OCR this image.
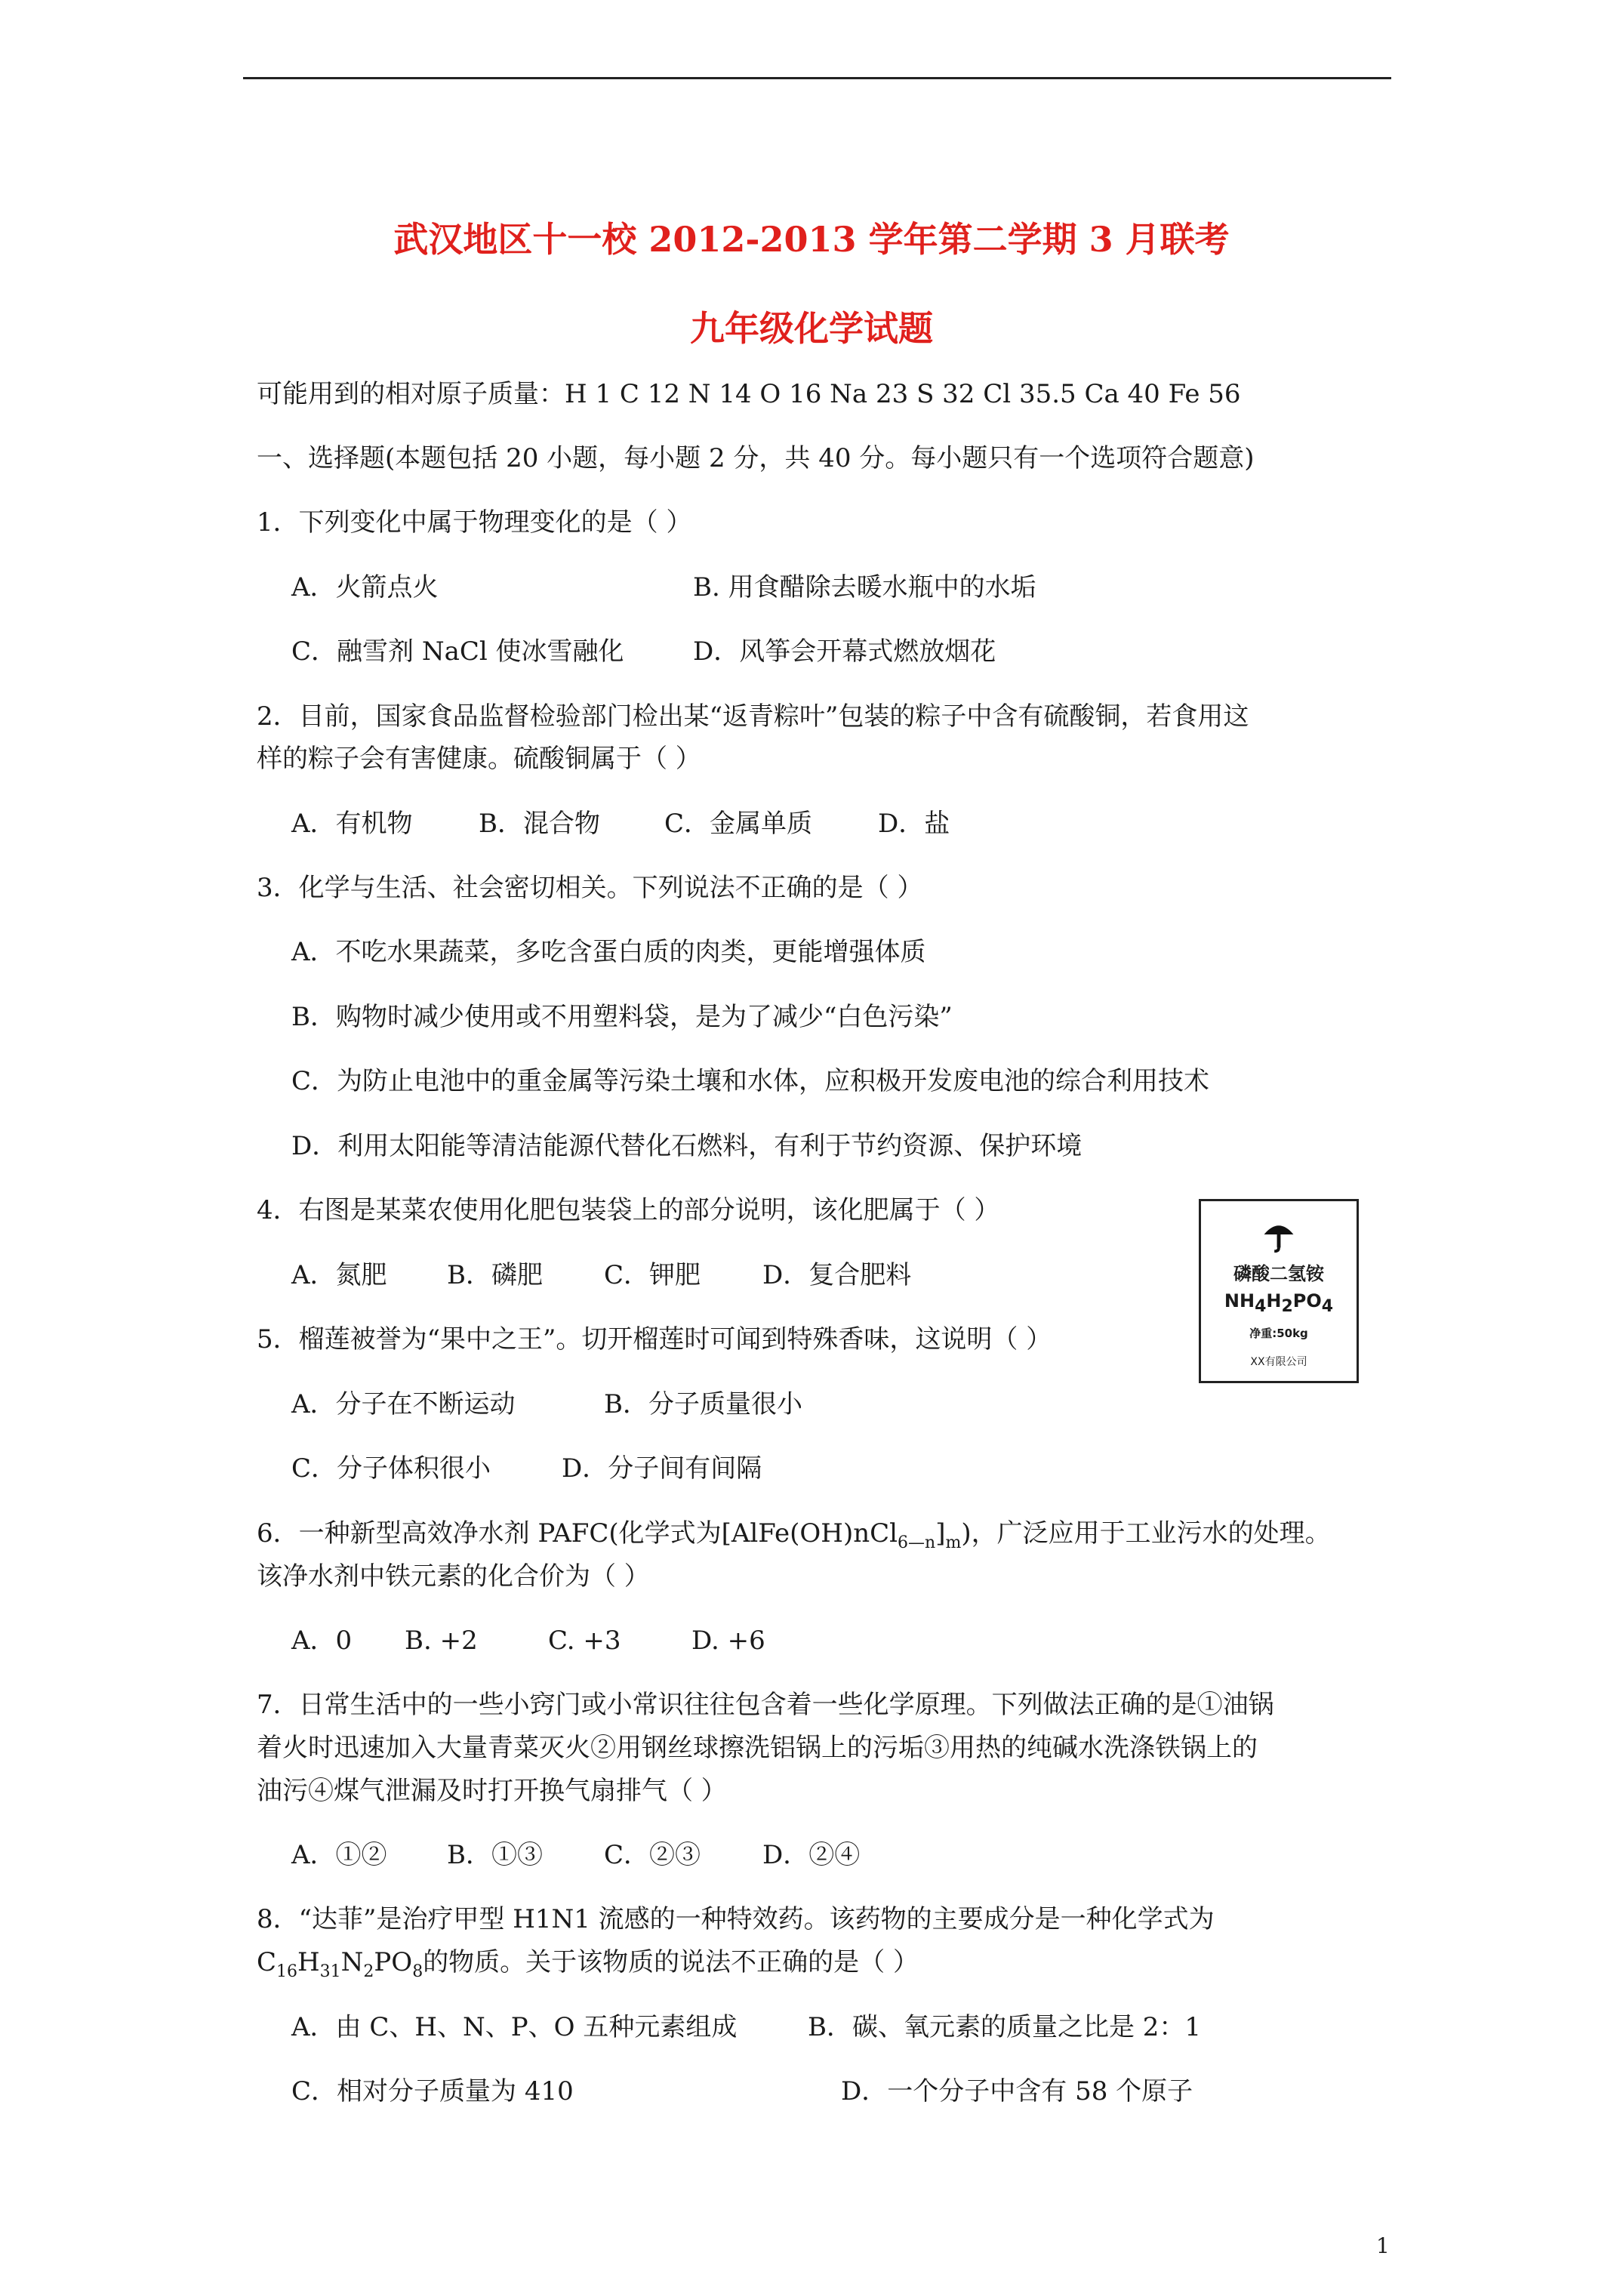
武汉地区十一校 2012-2013 学年第二学期 3 月联考
九年级化学试题
可能用到的相对原子质量：H 1 C 12 N 14 O 16 Na 23 S 32 Cl 35.5 Ca 40 Fe 56
一、选择题(本题包括 20 小题，每小题 2 分，共 40 分。每小题只有一个选项符合题意)
1．下列变化中属于物理变化的是（ ）
A．火箭点火	B. 用食醋除去暖水瓶中的水垢
C．融雪剂 NaCl 使冰雪融化	D．风筝会开幕式燃放烟花
2．目前，国家食品监督检验部门检出某“返青粽叶”包装的粽子中含有硫酸铜，若食用这
样的粽子会有害健康。硫酸铜属于（ ）
A．有机物	B．混合物	C．金属单质	D．盐
3．化学与生活、社会密切相关。下列说法不正确的是（ ）
A．不吃水果蔬菜，多吃含蛋白质的肉类，更能增强体质
B．购物时减少使用或不用塑料袋，是为了减少“白色污染”
C．为防止电池中的重金属等污染土壤和水体，应积极开发废电池的综合利用技术
D．利用太阳能等清洁能源代替化石燃料，有利于节约资源、保护环境
4．右图是某菜农使用化肥包装袋上的部分说明，该化肥属于（ ）
A．氮肥 B．磷肥 C．钾肥 D．复合肥料	磷酸二氢铵
$NH_4H_2PO_4$
净重:50kg
XX有限公司
5．榴莲被誉为“果中之王”。切开榴莲时可闻到特殊香味，这说明（ ）
A．分子在不断运动	B．分子质量很小
C．分子体积很小	D．分子间有间隔
6．一种新型高效净水剂 PAFC(化学式为$[AlFe(OH)nCl_{6—n}]_m$)，广泛应用于工业污水的处理。
该净水剂中铁元素的化合价为（ ）
A．0 B. +2	C. +3	D. +6
7．日常生活中的一些小窍门或小常识往往包含着一些化学原理。下列做法正确的是①油锅
着火时迅速加入大量青菜灭火②用钢丝球擦洗铝锅上的污垢③用热的纯碱水洗涤铁锅上的
油污④煤气泄漏及时打开换气扇排气（ ）
A．①② B．①③ C．②③ D．②④
8．“达菲”是治疗甲型 H1N1 流感的一种特效药。该药物的主要成分是一种化学式为
$C_{16}H_{31}N_2PO_8$的物质。关于该物质的说法不正确的是（ ）
A．由 C、H、N、P、O 五种元素组成	B．碳、氧元素的质量之比是 2：1
C．相对分子质量为 410	D．一个分子中含有 58 个原子
1
